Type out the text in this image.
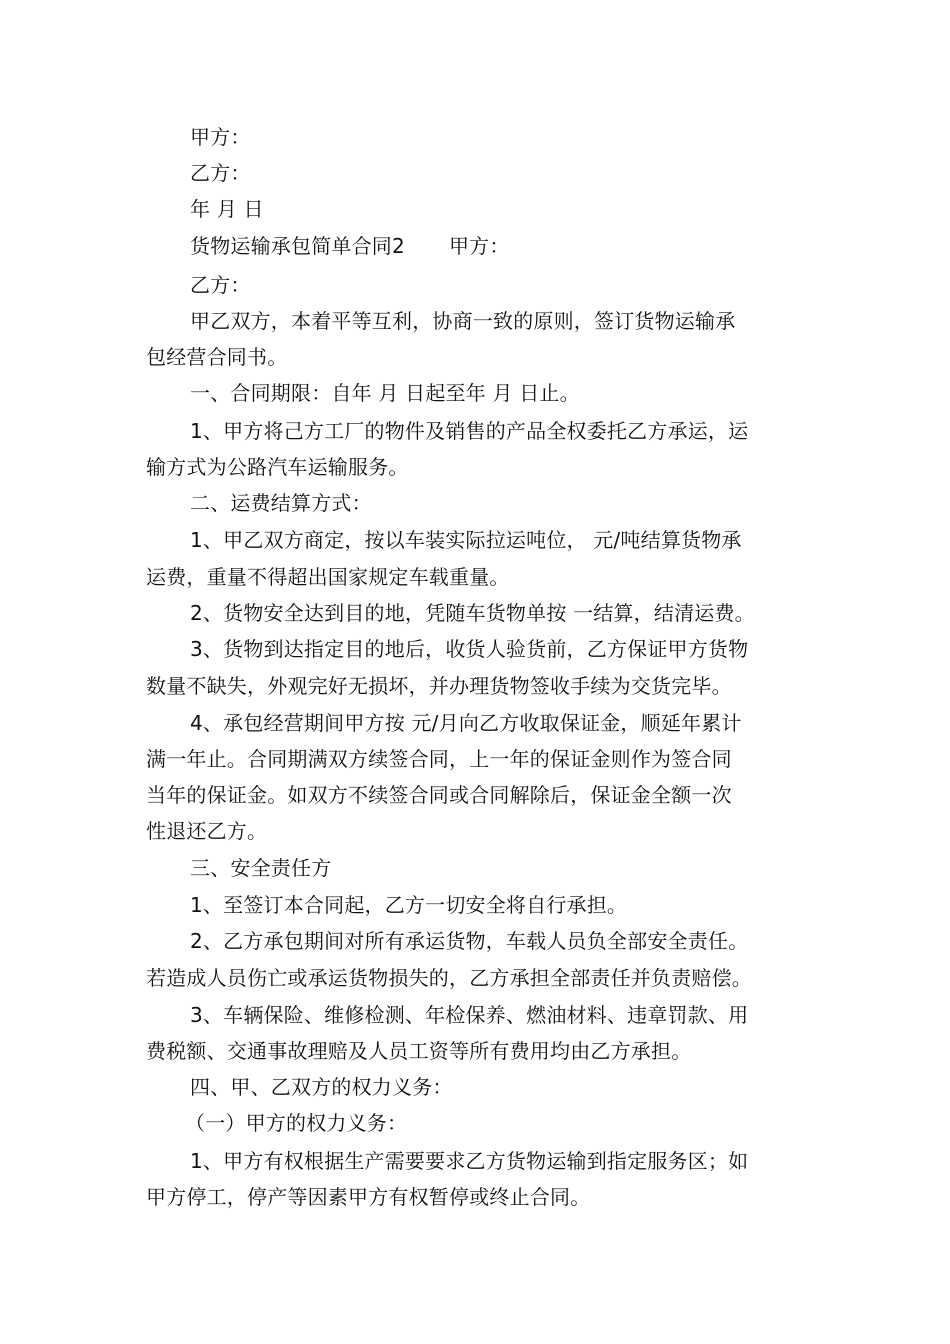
甲方：
乙方：
年 月 日
货物运输承包简单合同2 甲方：
乙方：
甲乙双方，本着平等互利，协商一致的原则，签订货物运输承
包经营合同书。
一、合同期限：自年 月 日起至年 月 日止。
1、甲方将己方工厂的物件及销售的产品全权委托乙方承运，运
输方式为公路汽车运输服务。
二、运费结算方式：
1、甲乙双方商定，按以车装实际拉运吨位， 元/吨结算货物承
运费，重量不得超出国家规定车载重量。
2、货物安全达到目的地，凭随车货物单按 一结算，结清运费。
3、货物到达指定目的地后，收货人验货前，乙方保证甲方货物
数量不缺失，外观完好无损坏，并办理货物签收手续为交货完毕。
4、承包经营期间甲方按 元/月向乙方收取保证金，顺延年累计
满一年止。合同期满双方续签合同，上一年的保证金则作为签合同
当年的保证金。如双方不续签合同或合同解除后，保证金全额一次
性退还乙方。
三、安全责任方
1、至签订本合同起，乙方一切安全将自行承担。
2、乙方承包期间对所有承运货物，车载人员负全部安全责任。
若造成人员伤亡或承运货物损失的，乙方承担全部责任并负责赔偿。
3、车辆保险、维修检测、年检保养、燃油材料、违章罚款、用
费税额、交通事故理赔及人员工资等所有费用均由乙方承担。
四、甲、乙双方的权力义务：
（一）甲方的权力义务：
1、甲方有权根据生产需要要求乙方货物运输到指定服务区；如
甲方停工，停产等因素甲方有权暂停或终止合同。
